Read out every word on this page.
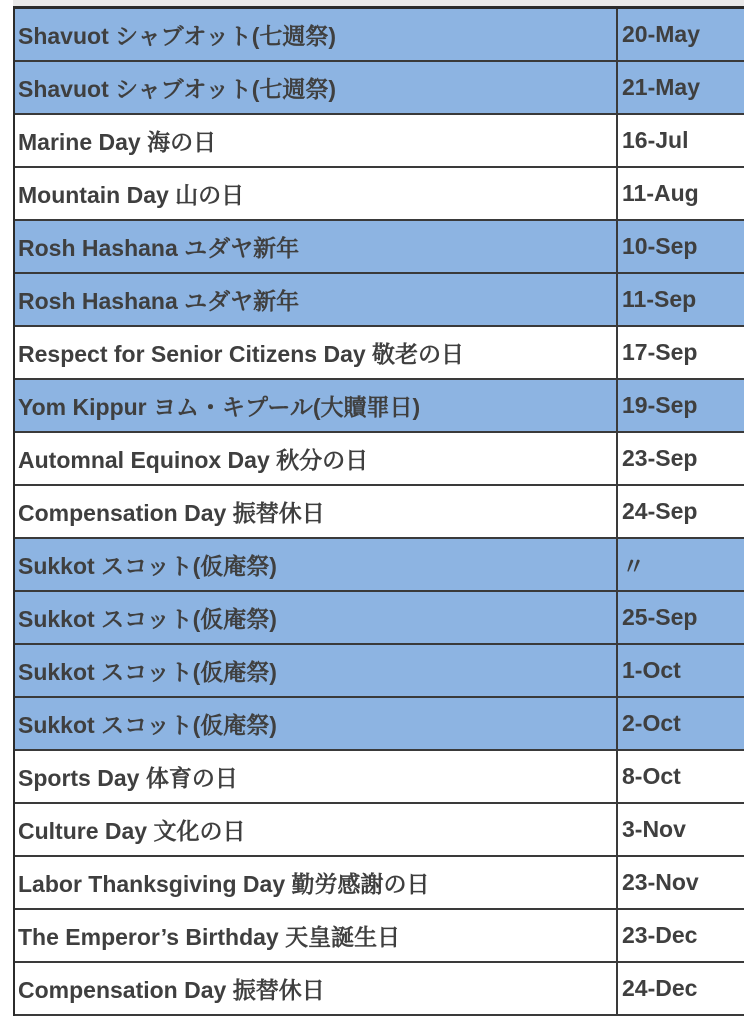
Shavuot シャブオット(七週祭)	20-May
Shavuot シャブオット(七週祭)	21-May
Marine Day 海の日	16-Jul
Mountain Day 山の日	11-Aug
Rosh Hashana ユダヤ新年	10-Sep
Rosh Hashana ユダヤ新年	11-Sep
Respect for Senior Citizens Day 敬老の日	17-Sep
Yom Kippur ヨム・キプール(大贖罪日)	19-Sep
Automnal Equinox Day 秋分の日	23-Sep
Compensation Day 振替休日	24-Sep
Sukkot スコット(仮庵祭)	〃
Sukkot スコット(仮庵祭)	25-Sep
Sukkot スコット(仮庵祭)	1-Oct
Sukkot スコット(仮庵祭)	2-Oct
Sports Day 体育の日	8-Oct
Culture Day 文化の日	3-Nov
Labor Thanksgiving Day 勤労感謝の日	23-Nov
The Emperor’s Birthday 天皇誕生日	23-Dec
Compensation Day 振替休日	24-Dec
